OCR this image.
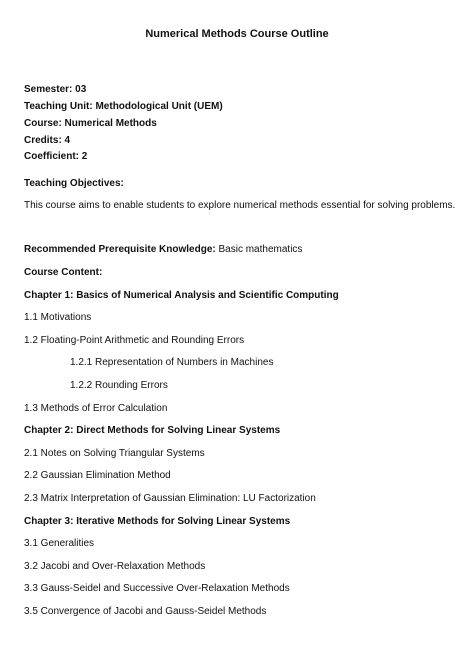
Numerical Methods Course Outline
Semester: 03
Teaching Unit: Methodological Unit (UEM)
Course: Numerical Methods
Credits: 4
Coefficient: 2
Teaching Objectives:
This course aims to enable students to explore numerical methods essential for solving problems.
Recommended Prerequisite Knowledge: Basic mathematics
Course Content:
Chapter 1: Basics of Numerical Analysis and Scientific Computing
1.1 Motivations
1.2 Floating-Point Arithmetic and Rounding Errors
1.2.1 Representation of Numbers in Machines
1.2.2 Rounding Errors
1.3 Methods of Error Calculation
Chapter 2: Direct Methods for Solving Linear Systems
2.1 Notes on Solving Triangular Systems
2.2 Gaussian Elimination Method
2.3 Matrix Interpretation of Gaussian Elimination: LU Factorization
Chapter 3: Iterative Methods for Solving Linear Systems
3.1 Generalities
3.2 Jacobi and Over-Relaxation Methods
3.3 Gauss-Seidel and Successive Over-Relaxation Methods
3.5 Convergence of Jacobi and Gauss-Seidel Methods
